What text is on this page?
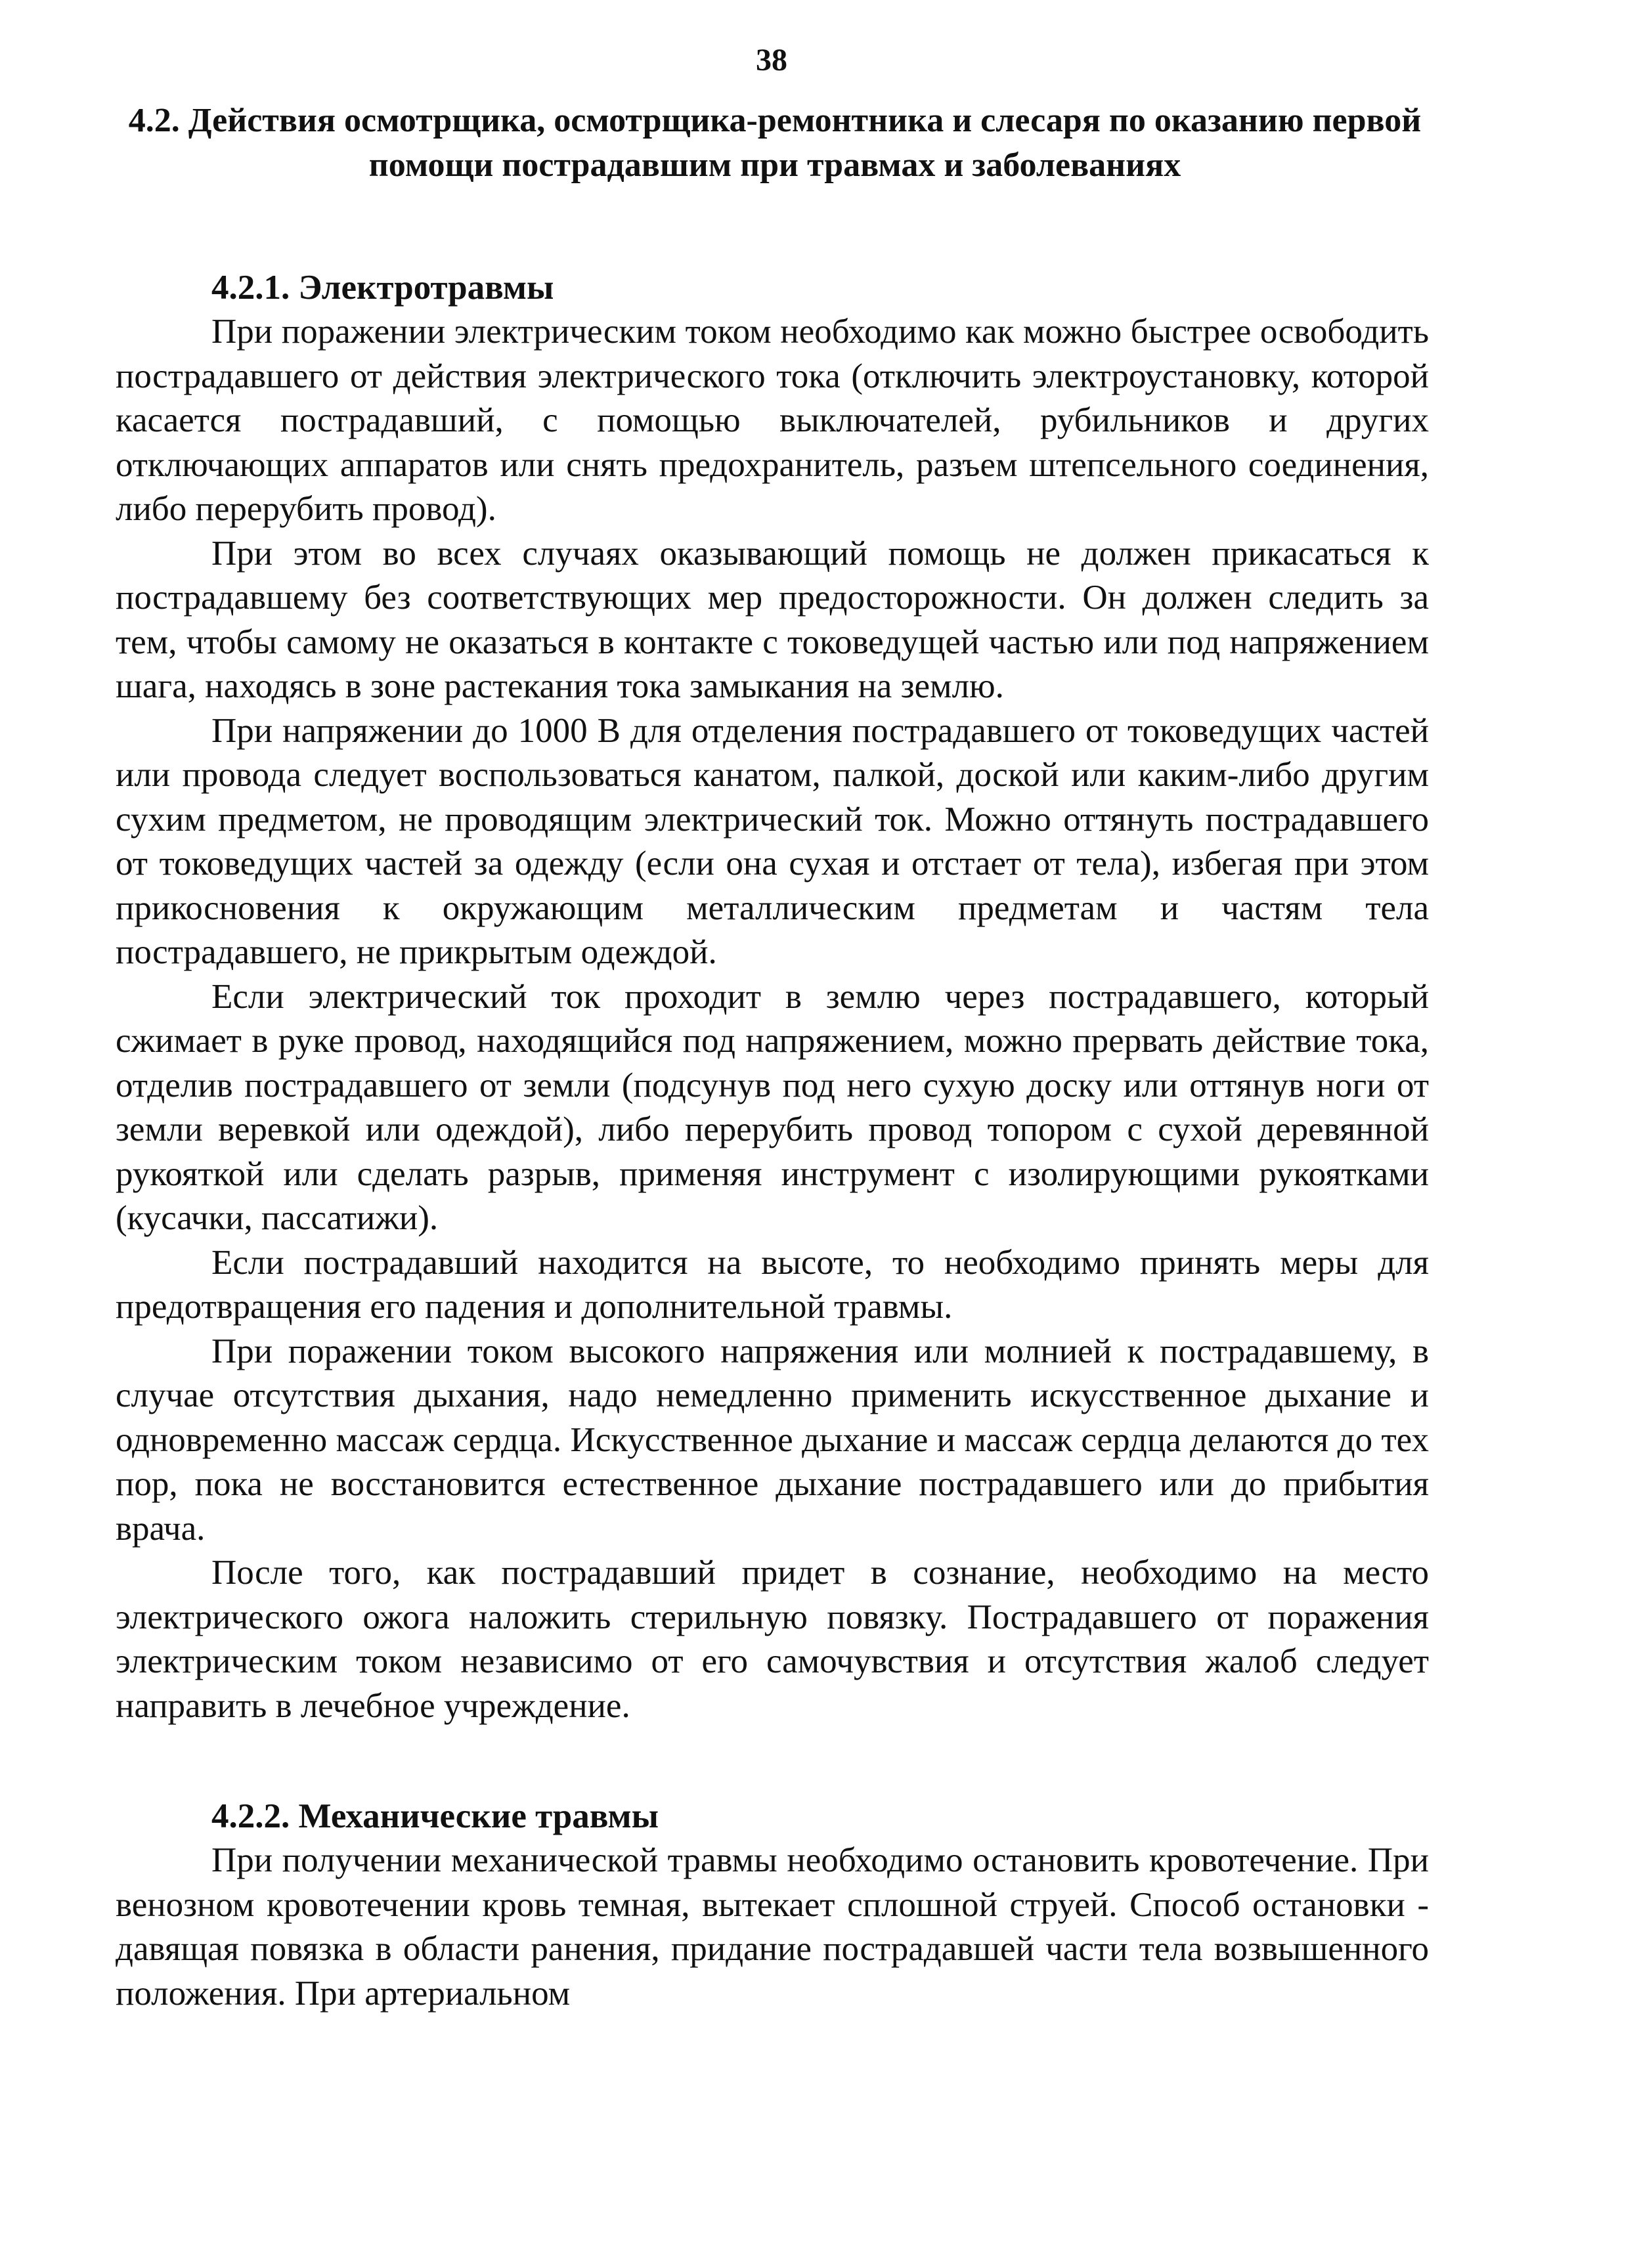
38
4.2. Действия осмотрщика, осмотрщика-ремонтника и слесаря по оказанию первой помощи пострадавшим при травмах и заболеваниях
4.2.1. Электротравмы

При поражении электрическим током необходимо как можно быстрее освободить пострадавшего от действия электрического тока (отключить электроустановку, которой касается пострадавший, с помощью выключателей, рубильников и других отключающих аппаратов или снять предохранитель, разъем штепсельного соединения, либо перерубить провод).

При этом во всех случаях оказывающий помощь не должен прикасаться к пострадавшему без соответствующих мер предосторожности. Он должен следить за тем, чтобы самому не оказаться в контакте с токоведущей частью или под напряжением шага, находясь в зоне растекания тока замыкания на землю.

При напряжении до 1000 В для отделения пострадавшего от токоведущих частей или провода следует воспользоваться канатом, палкой, доской или каким-либо другим сухим предметом, не проводящим электрический ток. Можно оттянуть пострадавшего от токоведущих частей за одежду (если она сухая и отстает от тела), избегая при этом прикосновения к окружающим металлическим предметам и частям тела пострадавшего, не прикрытым одеждой.

Если электрический ток проходит в землю через пострадавшего, который сжимает в руке провод, находящийся под напряжением, можно прервать действие тока, отделив пострадавшего от земли (подсунув под него сухую доску или оттянув ноги от земли веревкой или одеждой), либо перерубить провод топором с сухой деревянной рукояткой или сделать разрыв, применяя инструмент с изолирующими рукоятками (кусачки, пассатижи).

Если пострадавший находится на высоте, то необходимо принять меры для предотвращения его падения и дополнительной травмы.

При поражении током высокого напряжения или молнией к пострадавшему, в случае отсутствия дыхания, надо немедленно применить искусственное дыхание и одновременно массаж сердца. Искусственное дыхание и массаж сердца делаются до тех пор, пока не восстановится естественное дыхание пострадавшего или до прибытия врача.

После того, как пострадавший придет в сознание, необходимо на место электрического ожога наложить стерильную повязку. Пострадавшего от поражения электрическим током независимо от его самочувствия и отсутствия жалоб следует направить в лечебное учреждение.

4.2.2. Механические травмы

При получении механической травмы необходимо остановить кровотечение. При венозном кровотечении кровь темная, вытекает сплошной струей. Способ остановки - давящая повязка в области ранения, придание пострадавшей части тела возвышенного положения. При артериальном
